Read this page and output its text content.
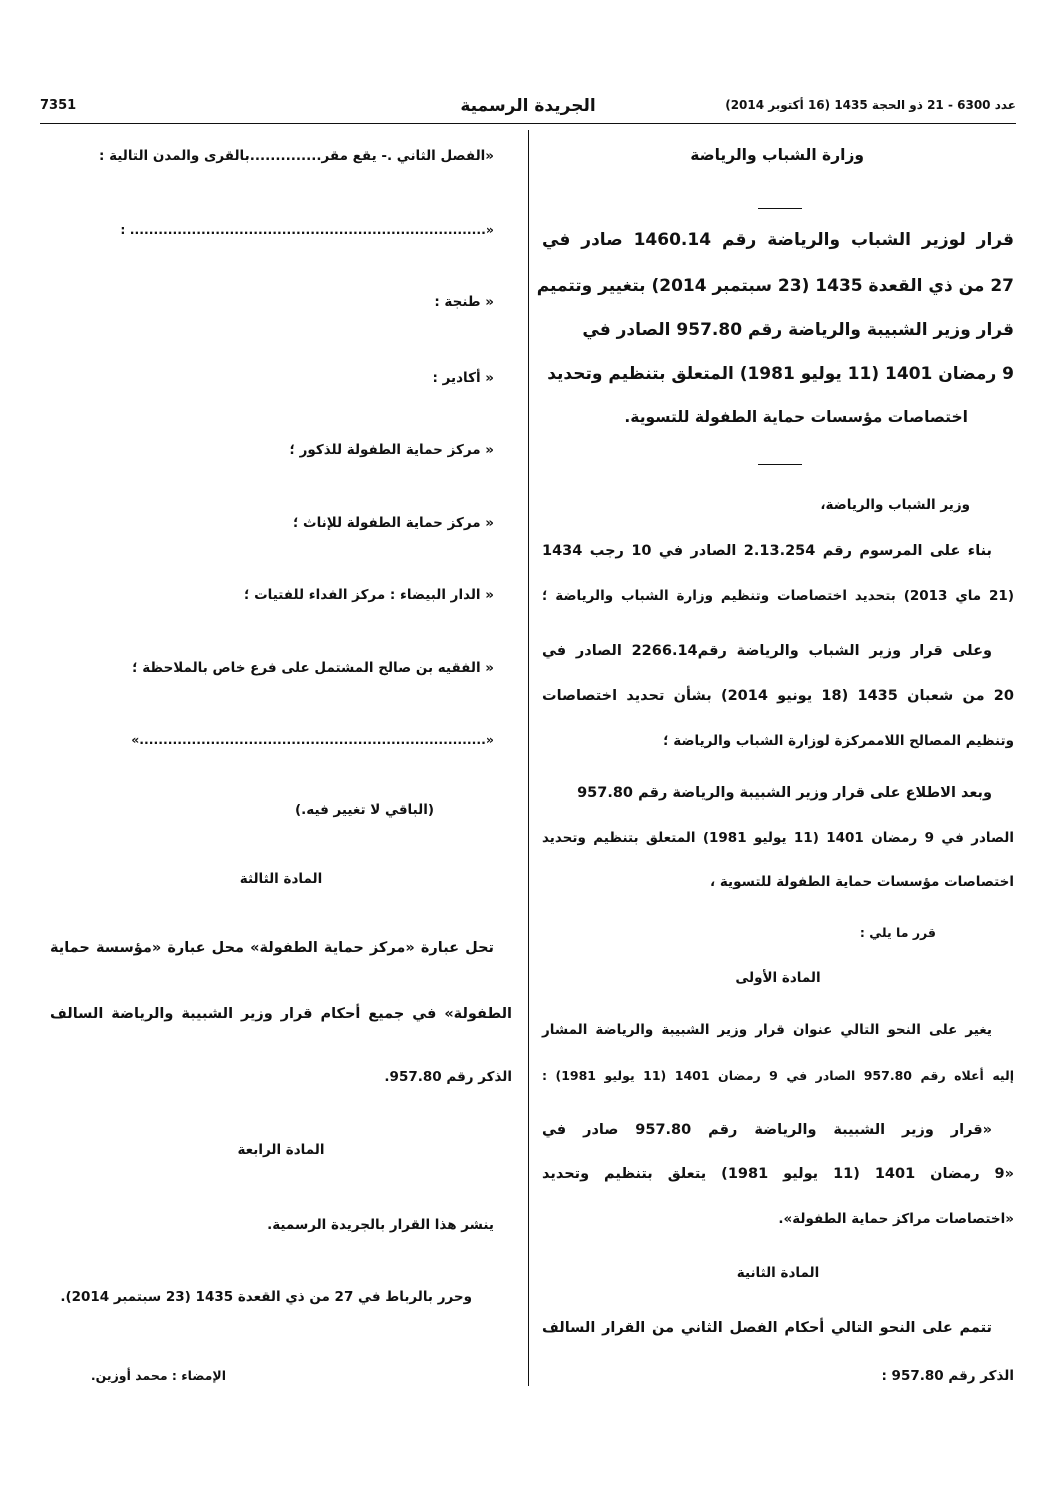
7351	الجريدة الرسمية	عدد 6300 - 21 ذو الحجة 1435 (16 أكتوبر 2014)
وزارة الشباب والرياضة
قرار لوزير الشباب والرياضة رقم 1460.14 صادر في
27 من ذي القعدة 1435 (23 سبتمبر 2014) بتغيير وتتميم
قرار وزير الشبيبة والرياضة رقم 957.80 الصادر في
9 رمضان 1401 (11 يوليو 1981) المتعلق بتنظيم وتحديد
اختصاصات مؤسسات حماية الطفولة للتسوية.
وزير الشباب والرياضة،
بناء على المرسوم رقم 2.13.254 الصادر في 10 رجب 1434
(21 ماي 2013) بتحديد اختصاصات وتنظيم وزارة الشباب والرياضة ؛
وعلى قرار وزير الشباب والرياضة رقم2266.14 الصادر في
20 من شعبان 1435 (18 يونيو 2014) بشأن تحديد اختصاصات
وتنظيم المصالح اللاممركزة لوزارة الشباب والرياضة ؛
وبعد الاطلاع على قرار وزير الشبيبة والرياضة رقم 957.80
الصادر في 9 رمضان 1401 (11 يوليو 1981) المتعلق بتنظيم وتحديد
اختصاصات مؤسسات حماية الطفولة للتسوية ،
قرر ما يلي :
المادة الأولى
يغير على النحو التالي عنوان قرار وزير الشبيبة والرياضة المشار
إليه أعلاه رقم 957.80 الصادر في 9 رمضان 1401 (11 يوليو 1981) :
«قرار وزير الشبيبة والرياضة رقم 957.80 صادر في
«9 رمضان 1401 (11 يوليو 1981) يتعلق بتنظيم وتحديد
«اختصاصات مراكز حماية الطفولة».
المادة الثانية
تتمم على النحو التالي أحكام الفصل الثاني من القرار السالف
الذكر رقم 957.80 :
«الفصل الثاني .- يقع مقر..............بالقرى والمدن التالية :
«........................................................................... :
« طنجة :
« أكادير :
« مركز حماية الطفولة للذكور ؛
« مركز حماية الطفولة للإناث ؛
« الدار البيضاء : مركز الفداء للفتيات ؛
« الفقيه بن صالح المشتمل على فرع خاص بالملاحظة ؛
«.........................................................................»
(الباقي لا تغيير فيه.)
المادة الثالثة
تحل عبارة «مركز حماية الطفولة» محل عبارة «مؤسسة حماية
الطفولة» في جميع أحكام قرار وزير الشبيبة والرياضة السالف
الذكر رقم 957.80.
المادة الرابعة
ينشر هذا القرار بالجريدة الرسمية.
وحرر بالرباط في 27 من ذي القعدة 1435 (23 سبتمبر 2014).
الإمضاء : محمد أوزين.
